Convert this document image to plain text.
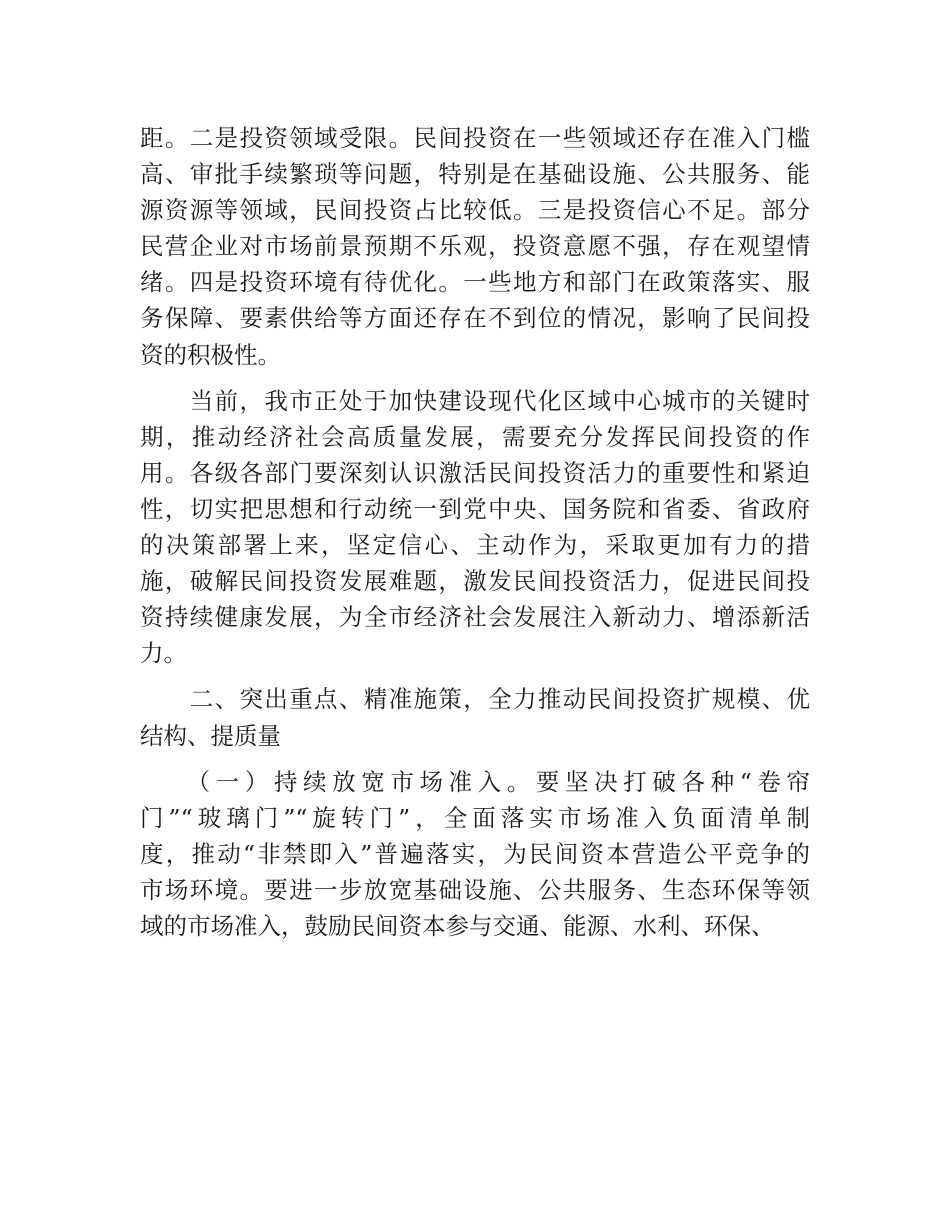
距。二是投资领域受限。民间投资在一些领域还存在准入门槛
高、审批手续繁琐等问题，特别是在基础设施、公共服务、能
源资源等领域，民间投资占比较低。三是投资信心不足。部分
民营企业对市场前景预期不乐观，投资意愿不强，存在观望情
绪。四是投资环境有待优化。一些地方和部门在政策落实、服
务保障、要素供给等方面还存在不到位的情况，影响了民间投
资的积极性。
　　当前，我市正处于加快建设现代化区域中心城市的关键时
期，推动经济社会高质量发展，需要充分发挥民间投资的作
用。各级各部门要深刻认识激活民间投资活力的重要性和紧迫
性，切实把思想和行动统一到党中央、国务院和省委、省政府
的决策部署上来，坚定信心、主动作为，采取更加有力的措
施，破解民间投资发展难题，激发民间投资活力，促进民间投
资持续健康发展，为全市经济社会发展注入新动力、增添新活
力。
　　二、突出重点、精准施策，全力推动民间投资扩规模、优
结构、提质量
　　（一）持续放宽市场准入。要坚决打破各种“卷帘
门”“玻璃门”“旋转门”，全面落实市场准入负面清单制
度，推动“非禁即入”普遍落实，为民间资本营造公平竞争的
市场环境。要进一步放宽基础设施、公共服务、生态环保等领
域的市场准入，鼓励民间资本参与交通、能源、水利、环保、
